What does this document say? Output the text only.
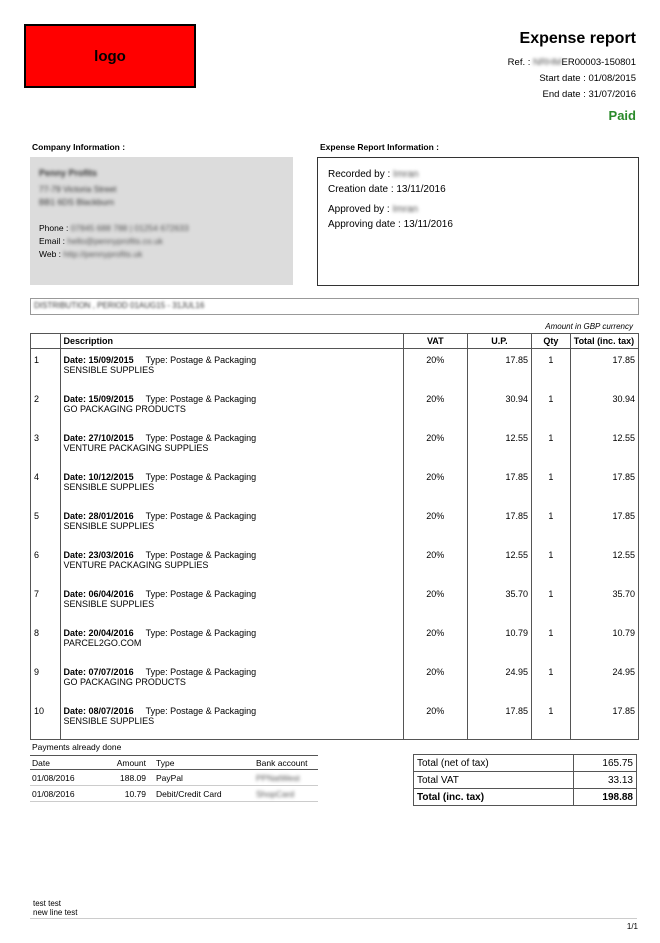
logo
Expense report
Ref. : NRHMER00003-150801
Start date : 01/08/2015
End date : 31/07/2016
Paid
Company Information :
Penny Profits
77-79 Victoria Street
BB1 6DS Blackburn
Phone : 07845 688 788 | 01254 672633
Email : hello@pennyprofits.co.uk
Web : http://pennyprofits.uk
Expense Report Information :
Recorded by : Imran
Creation date : 13/11/2016
Approved by : Imran
Approving date : 13/11/2016
DISTRIBUTION , PERIOD 01AUG15 - 31JUL16
Amount in GBP currency
	Description	VAT	U.P.	Qty	Total (inc. tax)
1	Date: 15/09/2015 Type: Postage & Packaging
SENSIBLE SUPPLIES	20%	17.85	1	17.85
2	Date: 15/09/2015 Type: Postage & Packaging
GO PACKAGING PRODUCTS	20%	30.94	1	30.94
3	Date: 27/10/2015 Type: Postage & Packaging
VENTURE PACKAGING SUPPLIES	20%	12.55	1	12.55
4	Date: 10/12/2015 Type: Postage & Packaging
SENSIBLE SUPPLIES	20%	17.85	1	17.85
5	Date: 28/01/2016 Type: Postage & Packaging
SENSIBLE SUPPLIES	20%	17.85	1	17.85
6	Date: 23/03/2016 Type: Postage & Packaging
VENTURE PACKAGING SUPPLIES	20%	12.55	1	12.55
7	Date: 06/04/2016 Type: Postage & Packaging
SENSIBLE SUPPLIES	20%	35.70	1	35.70
8	Date: 20/04/2016 Type: Postage & Packaging
PARCEL2GO.COM	20%	10.79	1	10.79
9	Date: 07/07/2016 Type: Postage & Packaging
GO PACKAGING PRODUCTS	20%	24.95	1	24.95
10	Date: 08/07/2016 Type: Postage & Packaging
SENSIBLE SUPPLIES	20%	17.85	1	17.85
Payments already done
Date	Amount	Type	Bank account
01/08/2016	188.09	PayPal	PPNatWest
01/08/2016	10.79	Debit/Credit Card	ShopCard
Total (net of tax)	165.75
Total VAT	33.13
Total (inc. tax)	198.88
test test
new line test
1/1
